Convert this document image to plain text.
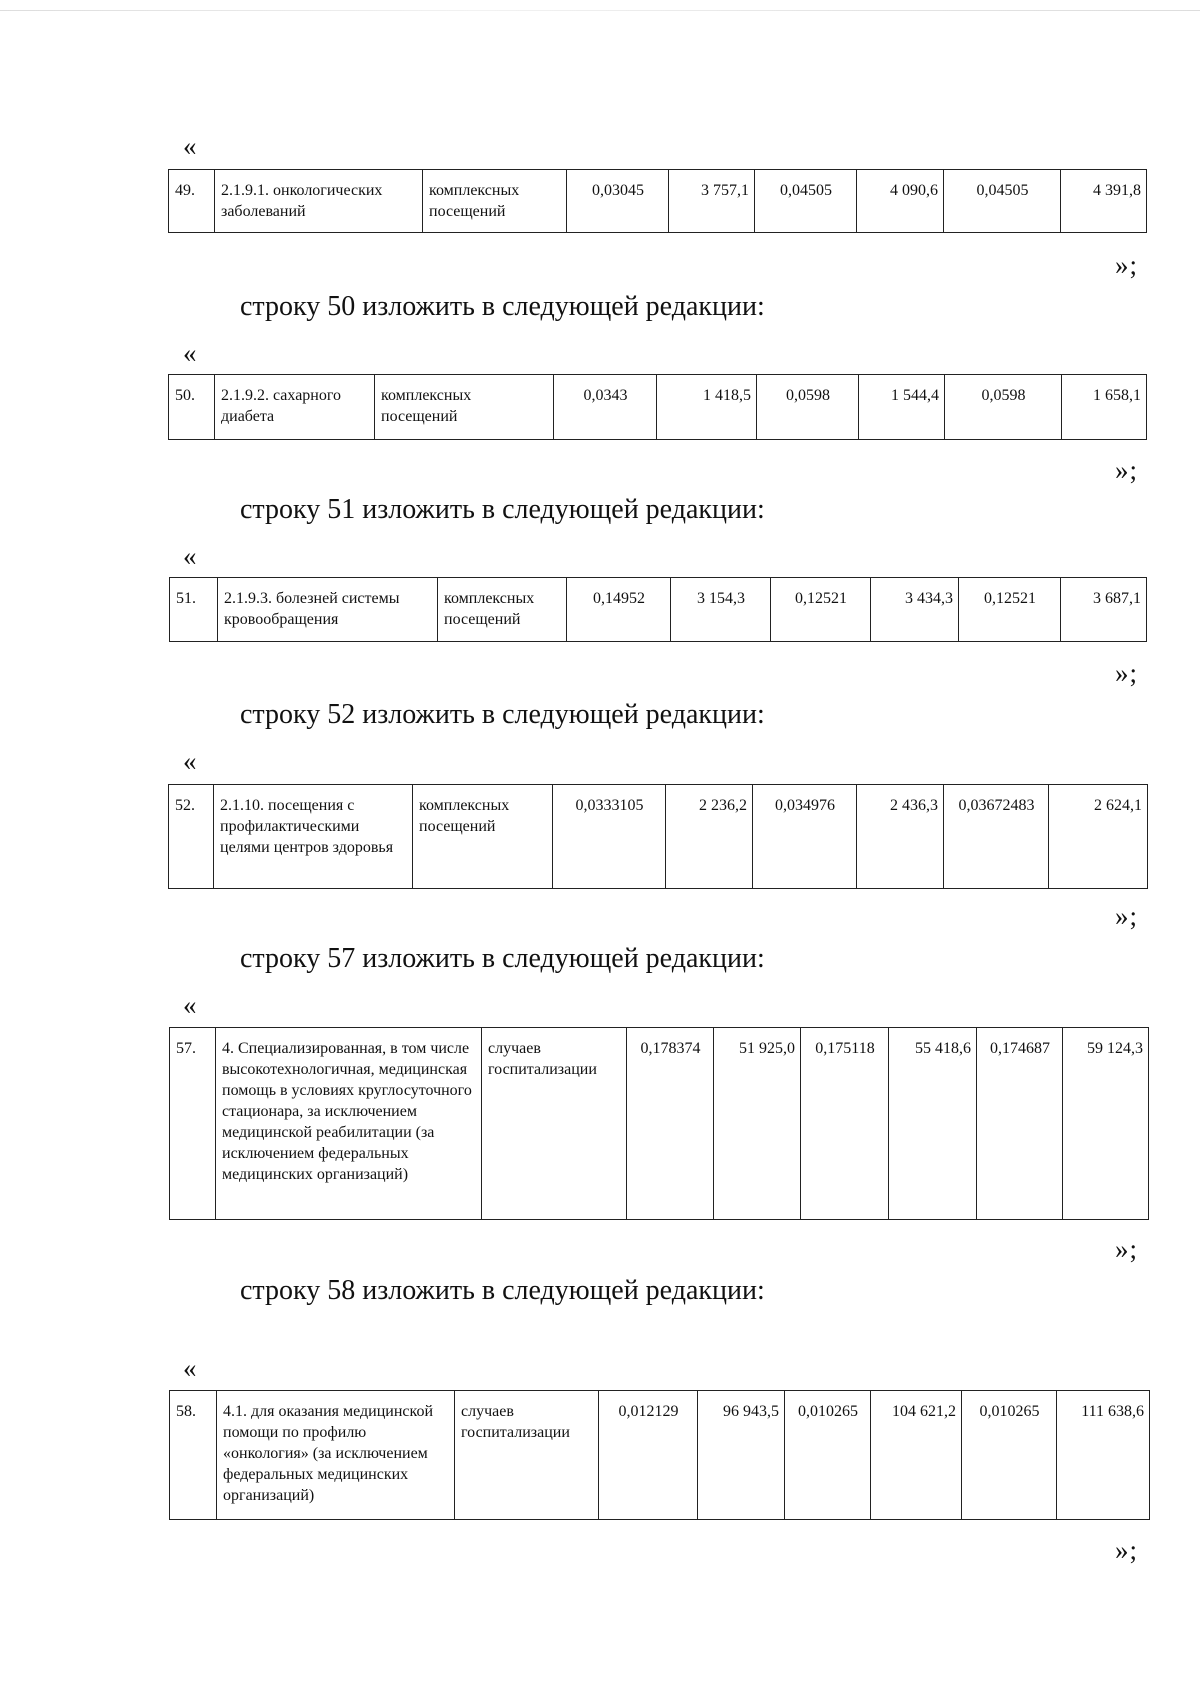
«
49.	2.1.9.1. онкологических заболеваний	комплексных посещений	0,03045	3 757,1	0,04505	4 090,6	0,04505	4 391,8
»;
строку 50 изложить в следующей редакции:
«
50.	2.1.9.2. сахарного диабета	комплексных посещений	0,0343	1 418,5	0,0598	1 544,4	0,0598	1 658,1
»;
строку 51 изложить в следующей редакции:
«
51.	2.1.9.3. болезней системы кровообращения	комплексных посещений	0,14952	3 154,3	0,12521	3 434,3	0,12521	3 687,1
»;
строку 52 изложить в следующей редакции:
«
52.	2.1.10. посещения с профилактическими целями центров здоровья	комплексных посещений	0,0333105	2 236,2	0,034976	2 436,3	0,03672483	2 624,1
»;
строку 57 изложить в следующей редакции:
«
57.	4. Специализированная, в том числе высокотехнологичная, медицинская помощь в условиях круглосуточного стационара, за исключением медицинской реабилитации (за исключением федеральных медицинских организаций)	случаев госпитализации	0,178374	51 925,0	0,175118	55 418,6	0,174687	59 124,3
»;
строку 58 изложить в следующей редакции:
«
58.	4.1. для оказания медицинской помощи по профилю «онкология» (за исключением федеральных медицинских организаций)	случаев госпитализации	0,012129	96 943,5	0,010265	104 621,2	0,010265	111 638,6
»;
